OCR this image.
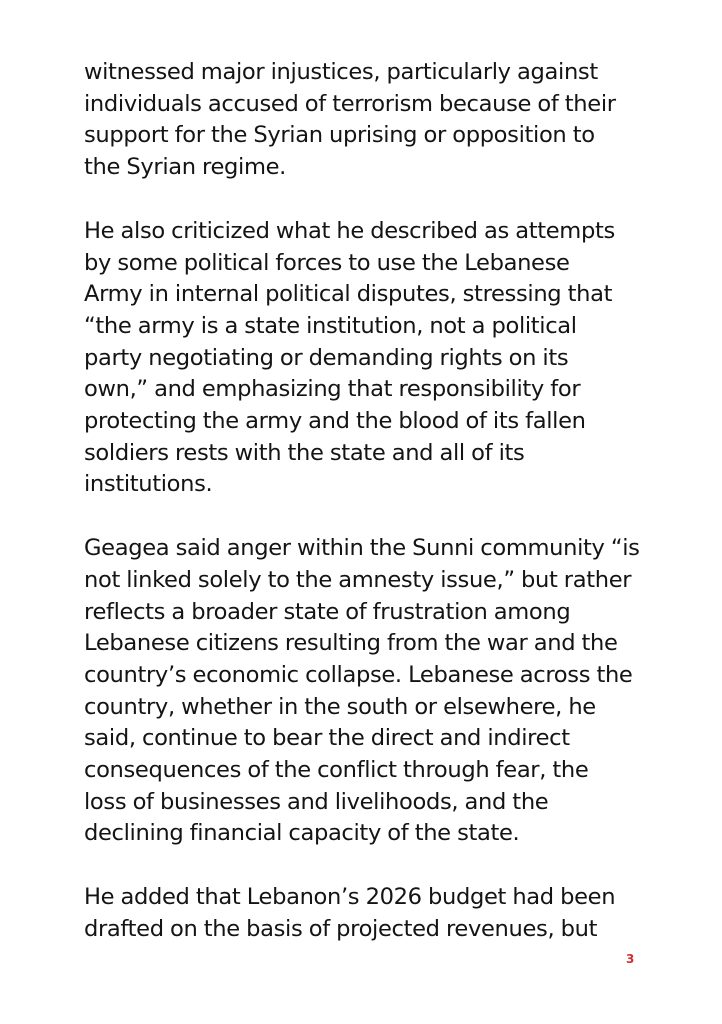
witnessed major injustices, particularly against
individuals accused of terrorism because of their
support for the Syrian uprising or opposition to
the Syrian regime.

He also criticized what he described as attempts
by some political forces to use the Lebanese
Army in internal political disputes, stressing that
“the army is a state institution, not a political
party negotiating or demanding rights on its
own,” and emphasizing that responsibility for
protecting the army and the blood of its fallen
soldiers rests with the state and all of its
institutions.

Geagea said anger within the Sunni community “is
not linked solely to the amnesty issue,” but rather
reflects a broader state of frustration among
Lebanese citizens resulting from the war and the
country’s economic collapse. Lebanese across the
country, whether in the south or elsewhere, he
said, continue to bear the direct and indirect
consequences of the conflict through fear, the
loss of businesses and livelihoods, and the
declining financial capacity of the state.

He added that Lebanon’s 2026 budget had been
drafted on the basis of projected revenues, but

3
